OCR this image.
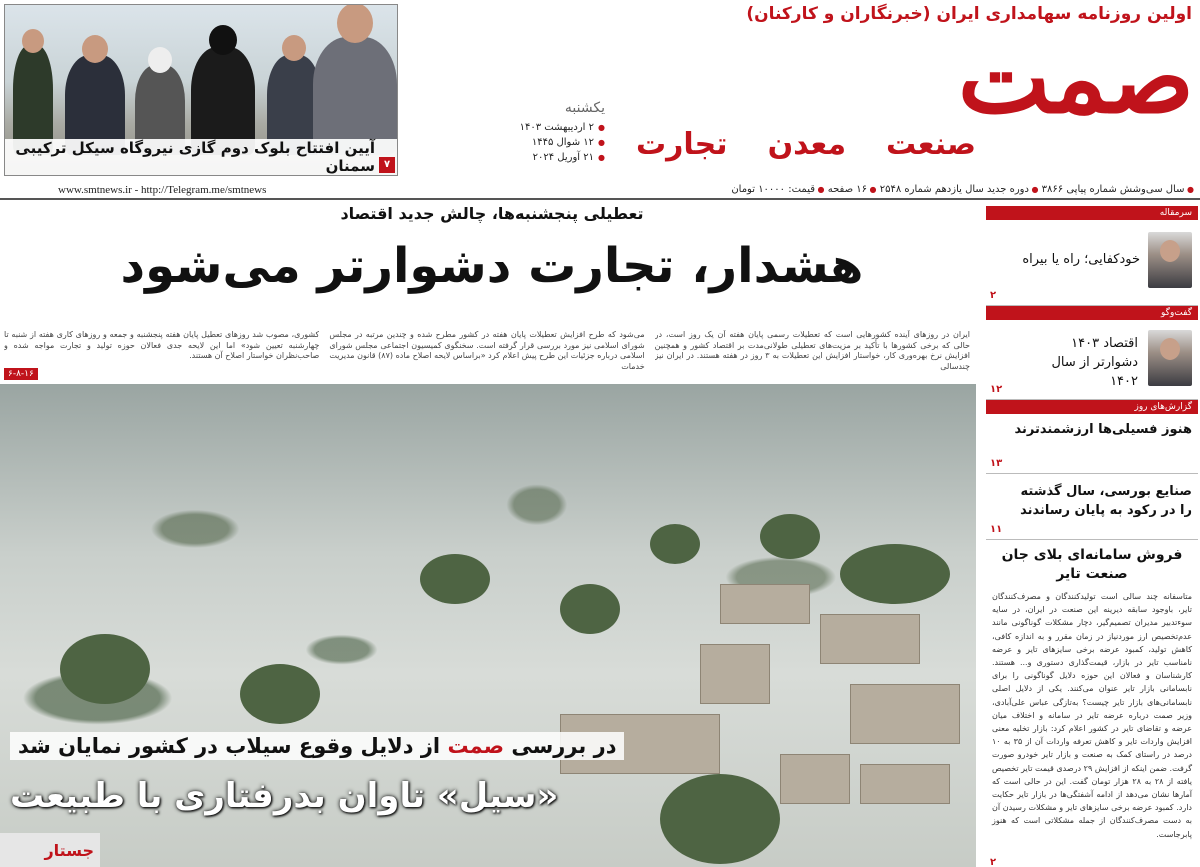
آیین افتتاح بلوک دوم گازی نیروگاه سیکل ترکیبی سمنان ۷
یکشنبه
● ۲ اردیبهشت ۱۴۰۳
● ۱۲ شوال ۱۴۴۵
● ۲۱ آوریل ۲۰۲۴
اولین روزنامه سهامداری ایران (خبرنگاران و کارکنان)
صمت
صنعت
معدن
تجارت
www.smtnews.ir - http://Telegram.me/smtnews
●	سال سی‌وشش شماره پیاپی ۳۸۶۶ ● دوره جدید سال یازدهم شماره ۲۵۴۸ ● ۱۶ صفحه ● قیمت: ۱۰۰۰۰ تومان
تعطیلی پنجشنبه‌ها، چالش جدید اقتصاد
هشدار، تجارت دشوارتر می‌شود

ایران در روزهای آینده کشورهایی است که تعطیلات رسمی پایان هفته آن یک روز است، در حالی که برخی کشورها با تأکید بر مزیت‌های تعطیلی طولانی‌مدت بر اقتصاد کشور و همچنین افزایش نرخ بهره‌وری کار، خواستار افزایش این تعطیلات به ۳ روز در هفته هستند. در ایران نیز چندسالی

می‌شود که طرح افزایش تعطیلات پایان هفته در کشور مطرح شده و چندین مرتبه در مجلس شورای اسلامی نیز مورد بررسی قرار گرفته است. سخنگوی کمیسیون اجتماعی مجلس شورای اسلامی درباره جزئیات این طرح پیش اعلام کرد «براساس لایحه اصلاح ماده (۸۷) قانون مدیریت خدمات

کشوری، مصوب شد روزهای تعطیل پایان هفته پنجشنبه و جمعه و روزهای کاری هفته از شنبه تا چهارشنبه تعیین شود» اما این لایحه جدی فعالان حوزه تولید و تجارت مواجه شده و صاحب‌نظران خواستار اصلاح آن هستند.

۶-۸-۱۶
در بررسی صمت از دلایل وقوع سیلاب در کشور نمایان شد
«سیل» تاوان بدرفتاری با طبیعت
جستار
سرمقاله
خودکفایی؛ راه یا بیراه
۲
گفت‌وگو
اقتصاد ۱۴۰۳ دشوارتر از سال ۱۴۰۲
۱۲
گزارش‌های روز
هنوز فسیلی‌ها ارزشمندترند
۱۳
صنایع بورسی، سال گذشته را در رکود به پایان رساندند
۱۱
فروش سامانه‌ای بلای جان صنعت تایر
متاسفانه چند سالی است تولیدکنندگان و مصرف‌کنندگان تایر، باوجود سابقه دیرینه این صنعت در ایران، در سایه سوء‌تدبیر مدیران تصمیم‌گیر، دچار مشکلات گوناگونی مانند عدم‌تخصیص ارز مورد‌نیاز در زمان مقرر و به اندازه کافی، کاهش تولید، کمبود عرضه برخی سایزهای تایر و عرضه نامناسب تایر در بازار، قیمت‌گذاری دستوری و... هستند. کارشناسان و فعالان این حوزه دلایل گوناگونی را برای نابسامانی بازار تایر عنوان می‌کنند. یکی از دلایل اصلی نابسامانی‌های بازار تایر چیست؟ به‌تازگی عباس علی‌آبادی، وزیر صمت درباره عرضه تایر در سامانه و اختلاف میان عرضه و تقاضای تایر در کشور اعلام کرد: بازار تخلیه معنی افزایش واردات تایر و کاهش تعرفه واردات آن از ۳۵ به ۱۰ درصد در راستای کمک به صنعت و بازار تایر خودرو صورت گرفت. ضمن اینکه از افزایش ۲۹ درصدی قیمت تایر تخصیص یافته از ۲۸ به ۲۸ هزار تومان گفت. این در حالی است که آمارها نشان می‌دهد از ادامه آشفتگی‌ها در بازار تایر حکایت دارد. کمبود عرضه برخی سایزهای تایر و مشکلات رسیدن آن به دست مصرف‌کنندگان از جمله مشکلاتی است که هنوز پابرجاست.
۲
